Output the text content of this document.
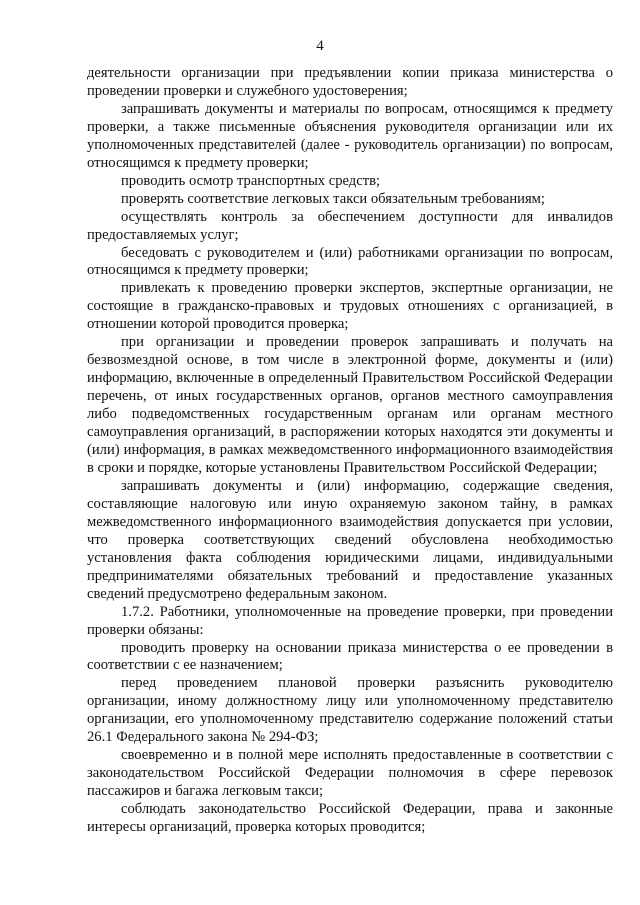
4

деятельности организации при предъявлении копии приказа министерства о проведении проверки и служебного удостоверения;

запрашивать документы и материалы по вопросам, относящимся к предмету проверки, а также письменные объяснения руководителя организации или их уполномоченных представителей (далее - руководитель организации) по вопросам, относящимся к предмету проверки;

проводить осмотр транспортных средств;

проверять соответствие легковых такси обязательным требованиям;

осуществлять контроль за обеспечением доступности для инвалидов предоставляемых услуг;

беседовать с руководителем и (или) работниками организации по вопросам, относящимся к предмету проверки;

привлекать к проведению проверки экспертов, экспертные организации, не состоящие в гражданско-правовых и трудовых отношениях с организацией, в отношении которой проводится проверка;

при организации и проведении проверок запрашивать и получать на безвозмездной основе, в том числе в электронной форме, документы и (или) информацию, включенные в определенный Правительством Российской Федерации перечень, от иных государственных органов, органов местного самоуправления либо подведомственных государственным органам или органам местного самоуправления организаций, в распоряжении которых находятся эти документы и (или) информация, в рамках межведомственного информационного взаимодействия в сроки и порядке, которые установлены Правительством Российской Федерации;

запрашивать документы и (или) информацию, содержащие сведения, составляющие налоговую или иную охраняемую законом тайну, в рамках межведомственного информационного взаимодействия допускается при условии, что проверка соответствующих сведений обусловлена необходимостью установления факта соблюдения юридическими лицами, индивидуальными предпринимателями обязательных требований и предоставление указанных сведений предусмотрено федеральным законом.

1.7.2. Работники, уполномоченные на проведение проверки, при проведении проверки обязаны:

проводить проверку на основании приказа министерства о ее проведении в соответствии с ее назначением;

перед проведением плановой проверки разъяснить руководителю организации, иному должностному лицу или уполномоченному представителю организации, его уполномоченному представителю содержание положений статьи 26.1 Федерального закона № 294-ФЗ;

своевременно и в полной мере исполнять предоставленные в соответствии с законодательством Российской Федерации полномочия в сфере перевозок пассажиров и багажа легковым такси;

соблюдать законодательство Российской Федерации, права и законные интересы организаций, проверка которых проводится;
